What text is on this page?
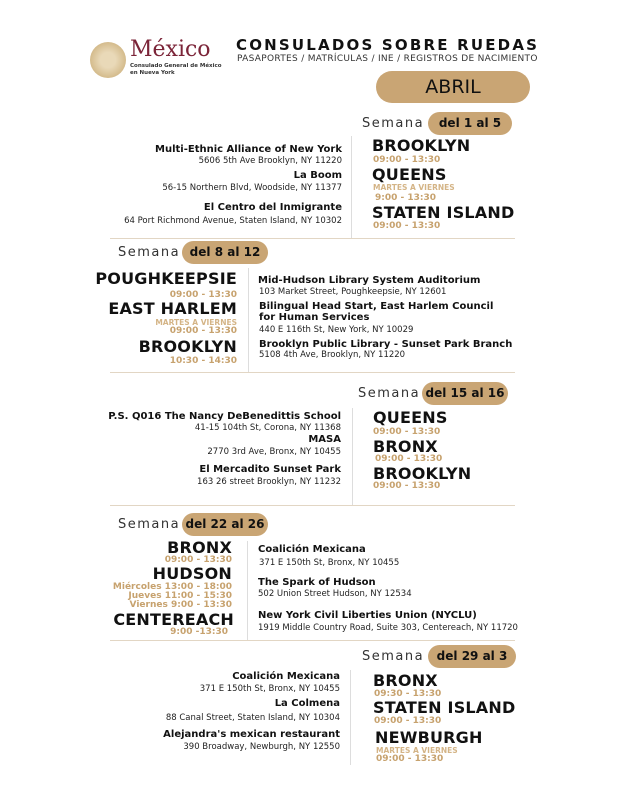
México
Consulado General de México
en Nueva York
CONSULADOS SOBRE RUEDAS
PASAPORTES / MATRÍCULAS / INE / REGISTROS DE NACIMIENTO
ABRIL
Semana	del 1 al 5
Multi-Ethnic Alliance of New York
5606 5th Ave Brooklyn, NY 11220
La Boom
56-15 Northern Blvd, Woodside, NY 11377
El Centro del Inmigrante
64 Port Richmond Avenue, Staten Island, NY 10302
BROOKLYN
09:00 - 13:30
QUEENS
MARTES A VIERNES
9:00 - 13:30
STATEN ISLAND
09:00 - 13:30
Semana del 8 al 12
POUGHKEEPSIE
09:00 - 13:30
EAST HARLEM
MARTES A VIERNES
09:00 - 13:30
BROOKLYN
10:30 - 14:30
Mid-Hudson Library System Auditorium
103 Market Street, Poughkeepsie, NY 12601
Bilingual Head Start, East Harlem Council
for Human Services
440 E 116th St, New York, NY 10029
Brooklyn Public Library - Sunset Park Branch
5108 4th Ave, Brooklyn, NY 11220
Semana del 15 al 16
P.S. Q016 The Nancy DeBenedittis School
41-15 104th St, Corona, NY 11368
MASA
2770 3rd Ave, Bronx, NY 10455
El Mercadito Sunset Park
163 26 street Brooklyn, NY 11232
QUEENS
09:00 - 13:30
BRONX
09:00 - 13:30
BROOKLYN
09:00 - 13:30
Semana del 22 al 26
BRONX
09:00 - 13:30
HUDSON
Miércoles 13:00 - 18:00
Jueves 11:00 - 15:30
Viernes 9:00 - 13:30
CENTEREACH
9:00 -13:30
Coalición Mexicana
371 E 150th St, Bronx, NY 10455
The Spark of Hudson
502 Union Street Hudson, NY 12534
New York Civil Liberties Union (NYCLU)
1919 Middle Country Road, Suite 303, Centereach, NY 11720
Semana	del 29 al 3
Coalición Mexicana
371 E 150th St, Bronx, NY 10455
La Colmena
88 Canal Street, Staten Island, NY 10304
Alejandra's mexican restaurant
390 Broadway, Newburgh, NY 12550
BRONX
09:30 - 13:30
STATEN ISLAND
09:00 - 13:30
NEWBURGH
MARTES A VIERNES
09:00 - 13:30
